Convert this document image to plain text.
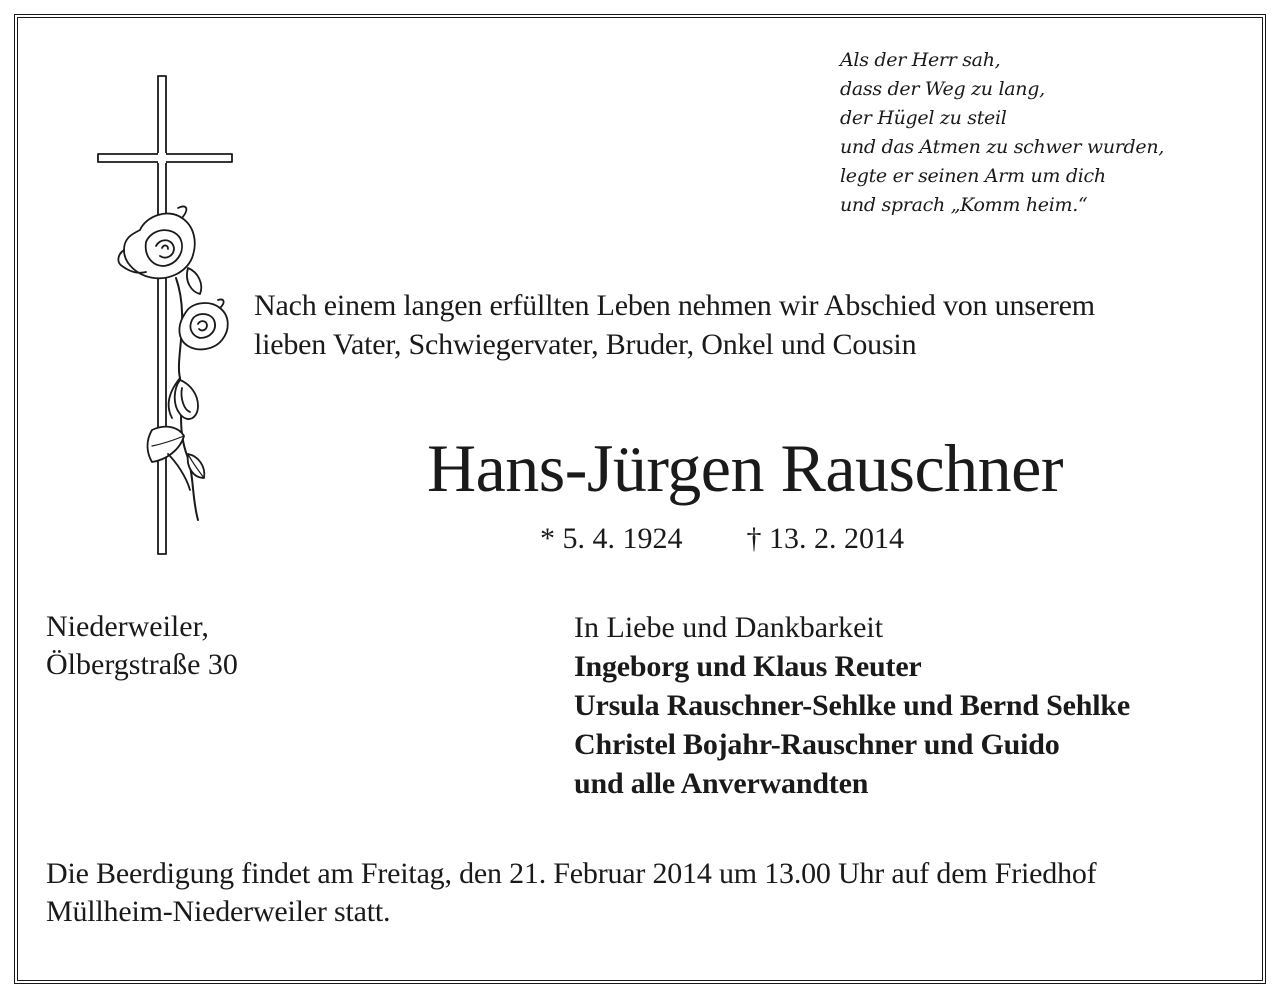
Als der Herr sah,
dass der Weg zu lang,
der Hügel zu steil
und das Atmen zu schwer wurden,
legte er seinen Arm um dich
und sprach „Komm heim.“
Nach einem langen erfüllten Leben nehmen wir Abschied von unserem
lieben Vater, Schwiegervater, Bruder, Onkel und Cousin
Hans-Jürgen Rauschner
* 5. 4. 1924 † 13. 2. 2014
Niederweiler,
Ölbergstraße 30
In Liebe und Dankbarkeit
Ingeborg und Klaus Reuter
Ursula Rauschner-Sehlke und Bernd Sehlke
Christel Bojahr-Rauschner und Guido
und alle Anverwandten
Die Beerdigung findet am Freitag, den 21. Februar 2014 um 13.00 Uhr auf dem Friedhof
Müllheim-Niederweiler statt.
